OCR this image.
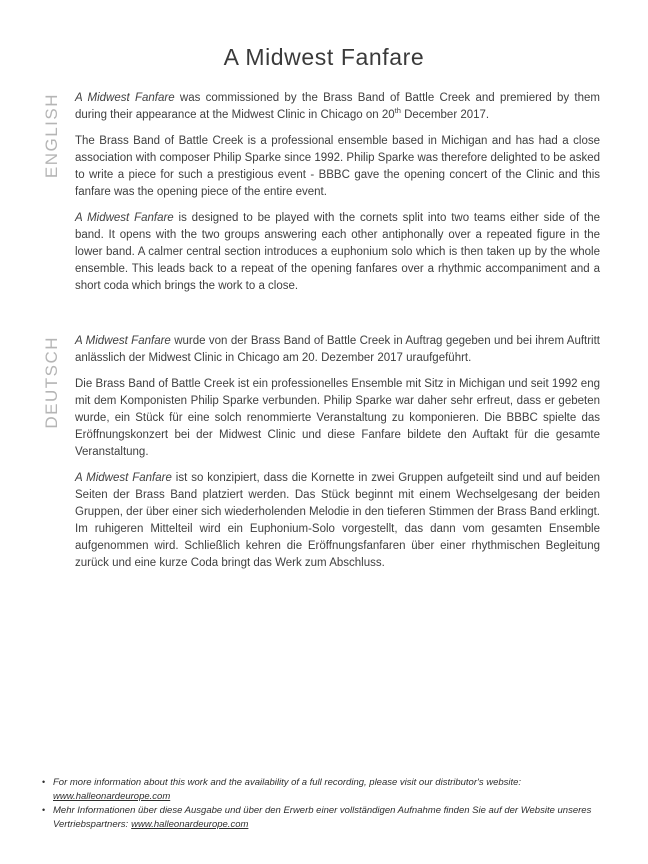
A Midwest Fanfare
ENGLISH A Midwest Fanfare was commissioned by the Brass Band of Battle Creek and premiered by them during their appearance at the Midwest Clinic in Chicago on 20th December 2017.

The Brass Band of Battle Creek is a professional ensemble based in Michigan and has had a close association with composer Philip Sparke since 1992. Philip Sparke was therefore delighted to be asked to write a piece for such a prestigious event - BBBC gave the opening concert of the Clinic and this fanfare was the opening piece of the entire event.

A Midwest Fanfare is designed to be played with the cornets split into two teams either side of the band. It opens with the two groups answering each other antiphonally over a repeated figure in the lower band. A calmer central section introduces a euphonium solo which is then taken up by the whole ensemble. This leads back to a repeat of the opening fanfares over a rhythmic accompaniment and a short coda which brings the work to a close.

DEUTSCH A Midwest Fanfare wurde von der Brass Band of Battle Creek in Auftrag gegeben und bei ihrem Auftritt anlässlich der Midwest Clinic in Chicago am 20. Dezember 2017 uraufgeführt.

Die Brass Band of Battle Creek ist ein professionelles Ensemble mit Sitz in Michigan und seit 1992 eng mit dem Komponisten Philip Sparke verbunden. Philip Sparke war daher sehr erfreut, dass er gebeten wurde, ein Stück für eine solch renommierte Veranstaltung zu komponieren. Die BBBC spielte das Eröffnungskonzert bei der Midwest Clinic und diese Fanfare bildete den Auftakt für die gesamte Veranstaltung.

A Midwest Fanfare ist so konzipiert, dass die Kornette in zwei Gruppen aufgeteilt sind und auf beiden Seiten der Brass Band platziert werden. Das Stück beginnt mit einem Wechselgesang der beiden Gruppen, der über einer sich wiederholenden Melodie in den tieferen Stimmen der Brass Band erklingt. Im ruhigeren Mittelteil wird ein Euphonium-Solo vorgestellt, das dann vom gesamten Ensemble aufgenommen wird. Schließlich kehren die Eröffnungsfanfaren über einer rhythmischen Begleitung zurück und eine kurze Coda bringt das Werk zum Abschluss.

• For more information about this work and the availability of a full recording, please visit our distributor's website:
www.halleonardeurope.com
• Mehr Informationen über diese Ausgabe und über den Erwerb einer vollständigen Aufnahme finden Sie auf der Website unseres Vertriebspartners: www.halleonardeurope.com
